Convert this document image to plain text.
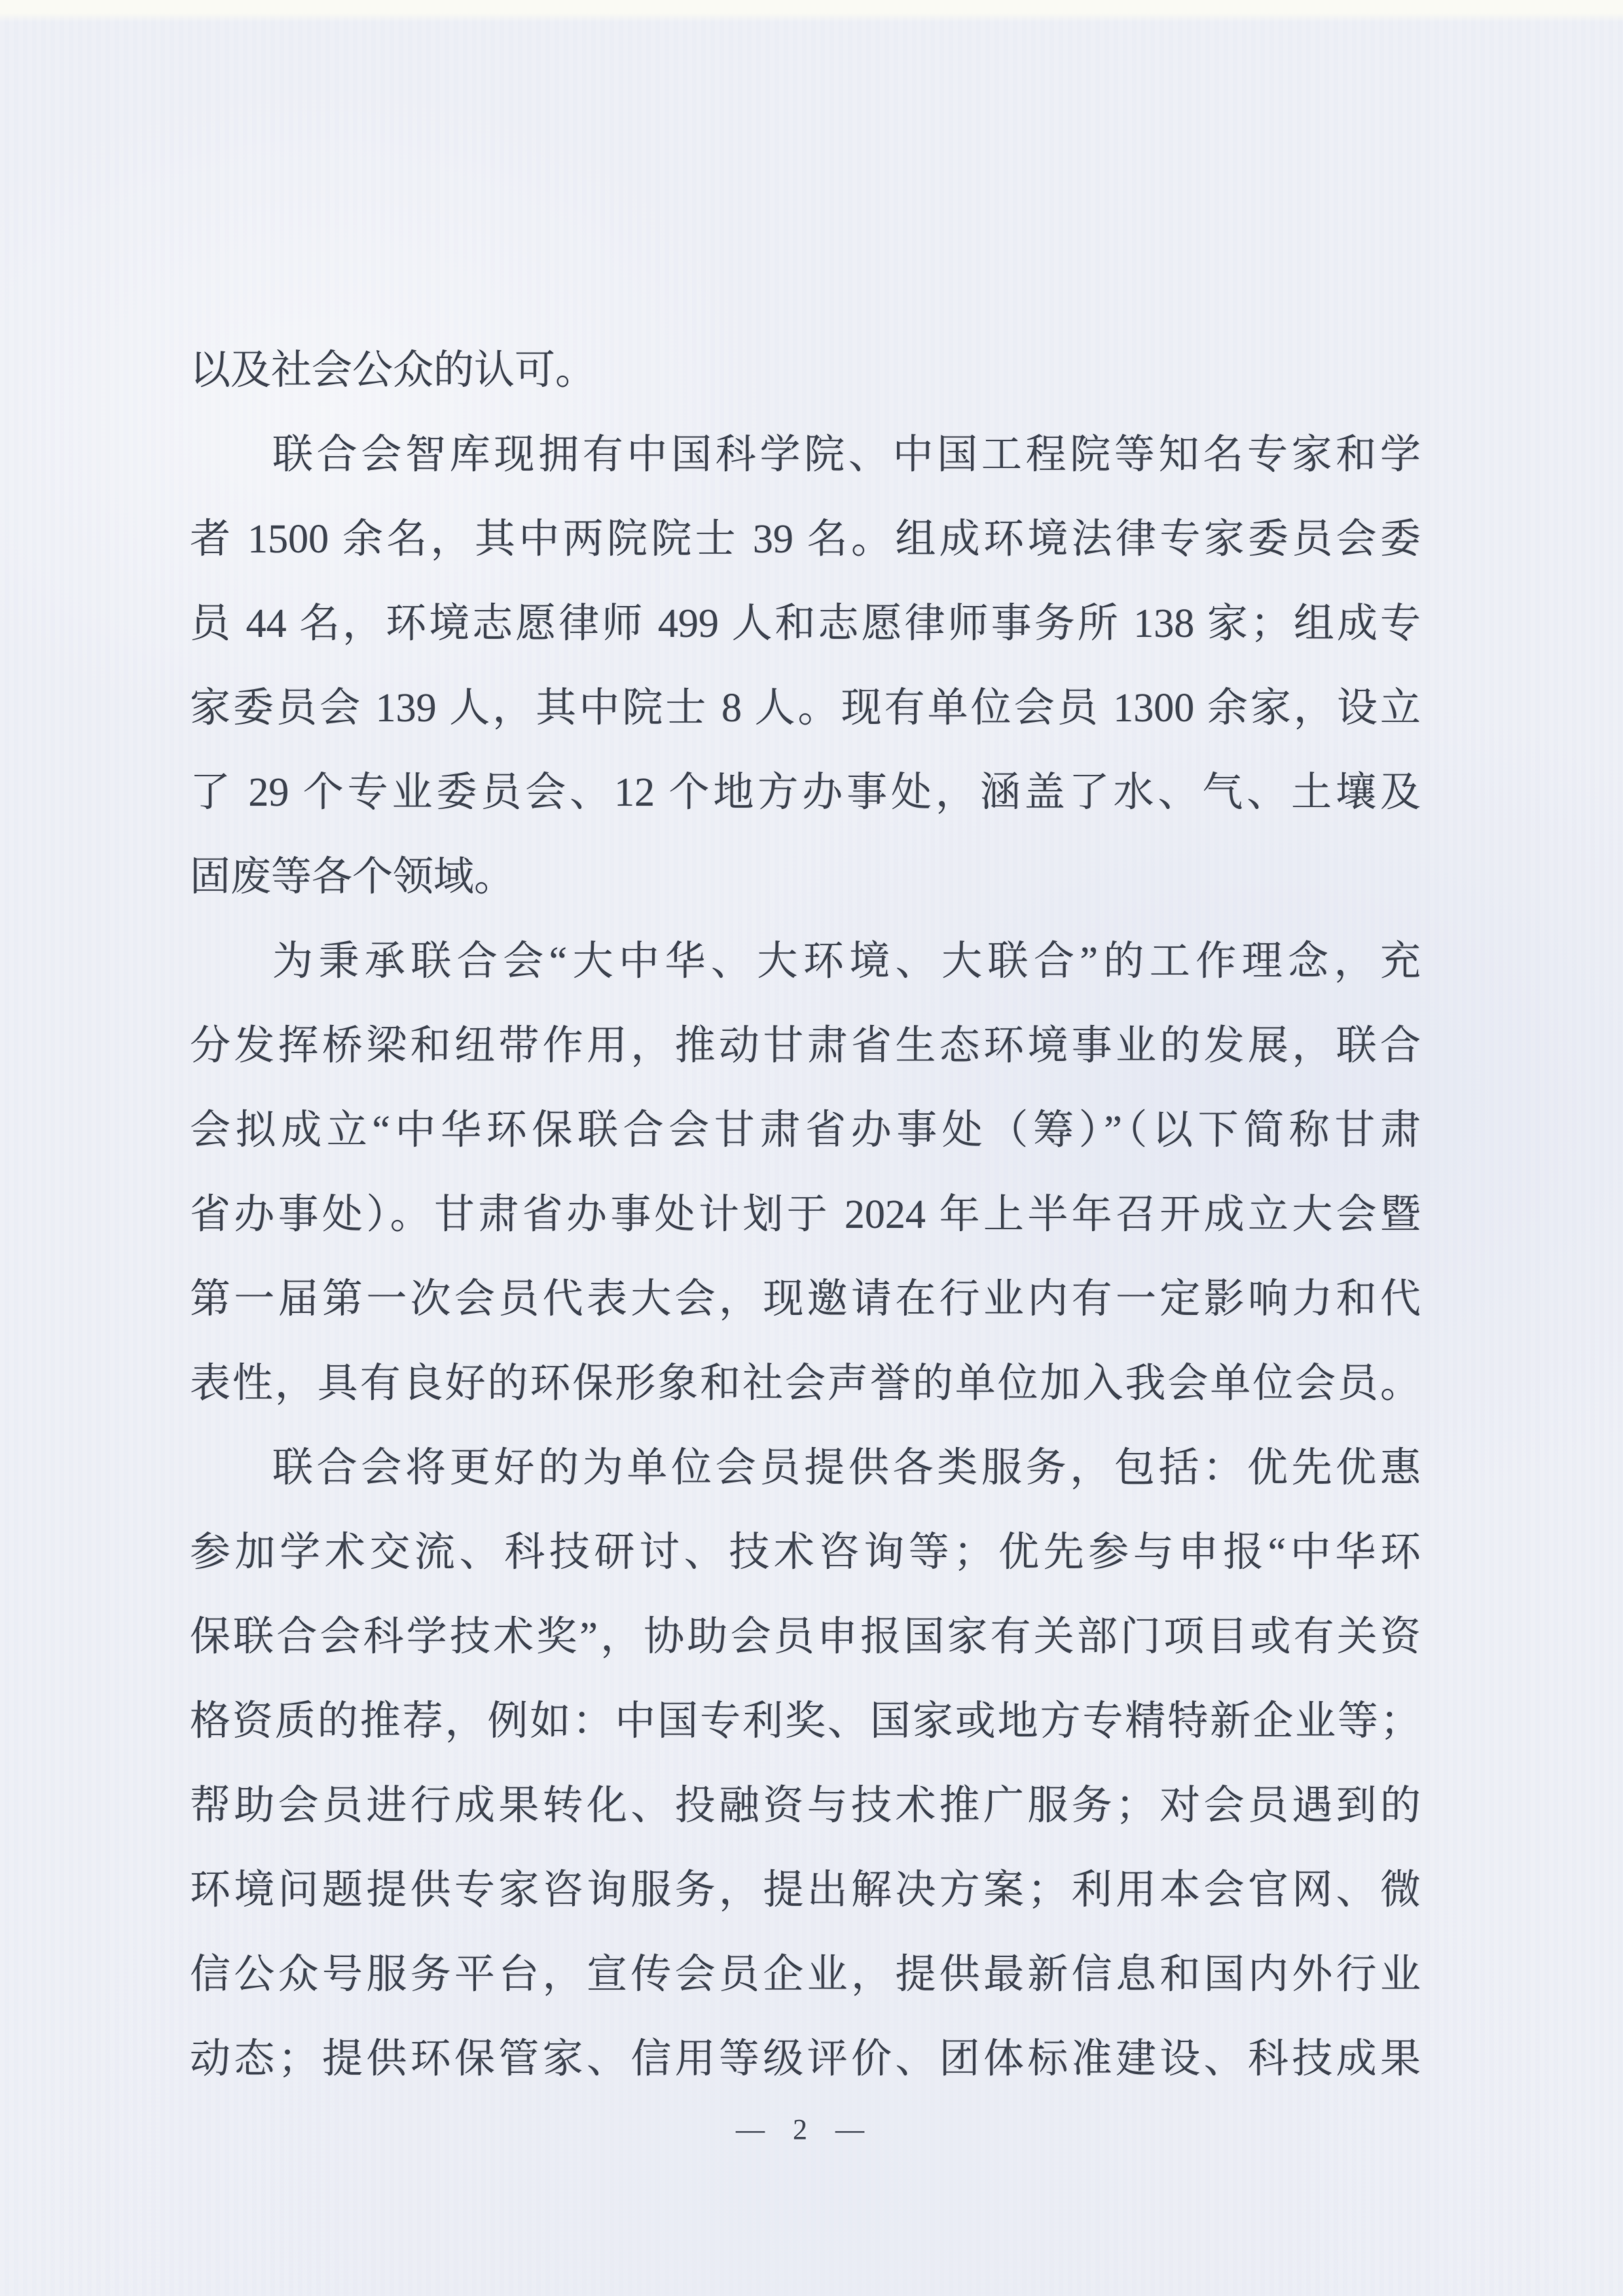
以及社会公众的认可。
联合会智库现拥有中国科学院、中国工程院等知名专家和学
者 1500 余名，其中两院院士 39 名。组成环境法律专家委员会委
员 44 名，环境志愿律师 499 人和志愿律师事务所 138 家；组成专
家委员会 139 人，其中院士 8 人。现有单位会员 1300 余家，设立
了 29 个专业委员会、12 个地方办事处，涵盖了水、气、土壤及
固废等各个领域。
为秉承联合会“大中华、大环境、大联合”的工作理念，充
分发挥桥梁和纽带作用，推动甘肃省生态环境事业的发展，联合
会拟成立“中华环保联合会甘肃省办事处（筹）”（以下简称甘肃
省办事处）。甘肃省办事处计划于 2024 年上半年召开成立大会暨
第一届第一次会员代表大会，现邀请在行业内有一定影响力和代
表性，具有良好的环保形象和社会声誉的单位加入我会单位会员。
联合会将更好的为单位会员提供各类服务，包括：优先优惠
参加学术交流、科技研讨、技术咨询等；优先参与申报“中华环
保联合会科学技术奖”，协助会员申报国家有关部门项目或有关资
格资质的推荐，例如：中国专利奖、国家或地方专精特新企业等；
帮助会员进行成果转化、投融资与技术推广服务；对会员遇到的
环境问题提供专家咨询服务，提出解决方案；利用本会官网、微
信公众号服务平台，宣传会员企业，提供最新信息和国内外行业
动态；提供环保管家、信用等级评价、团体标准建设、科技成果
— 2 —
